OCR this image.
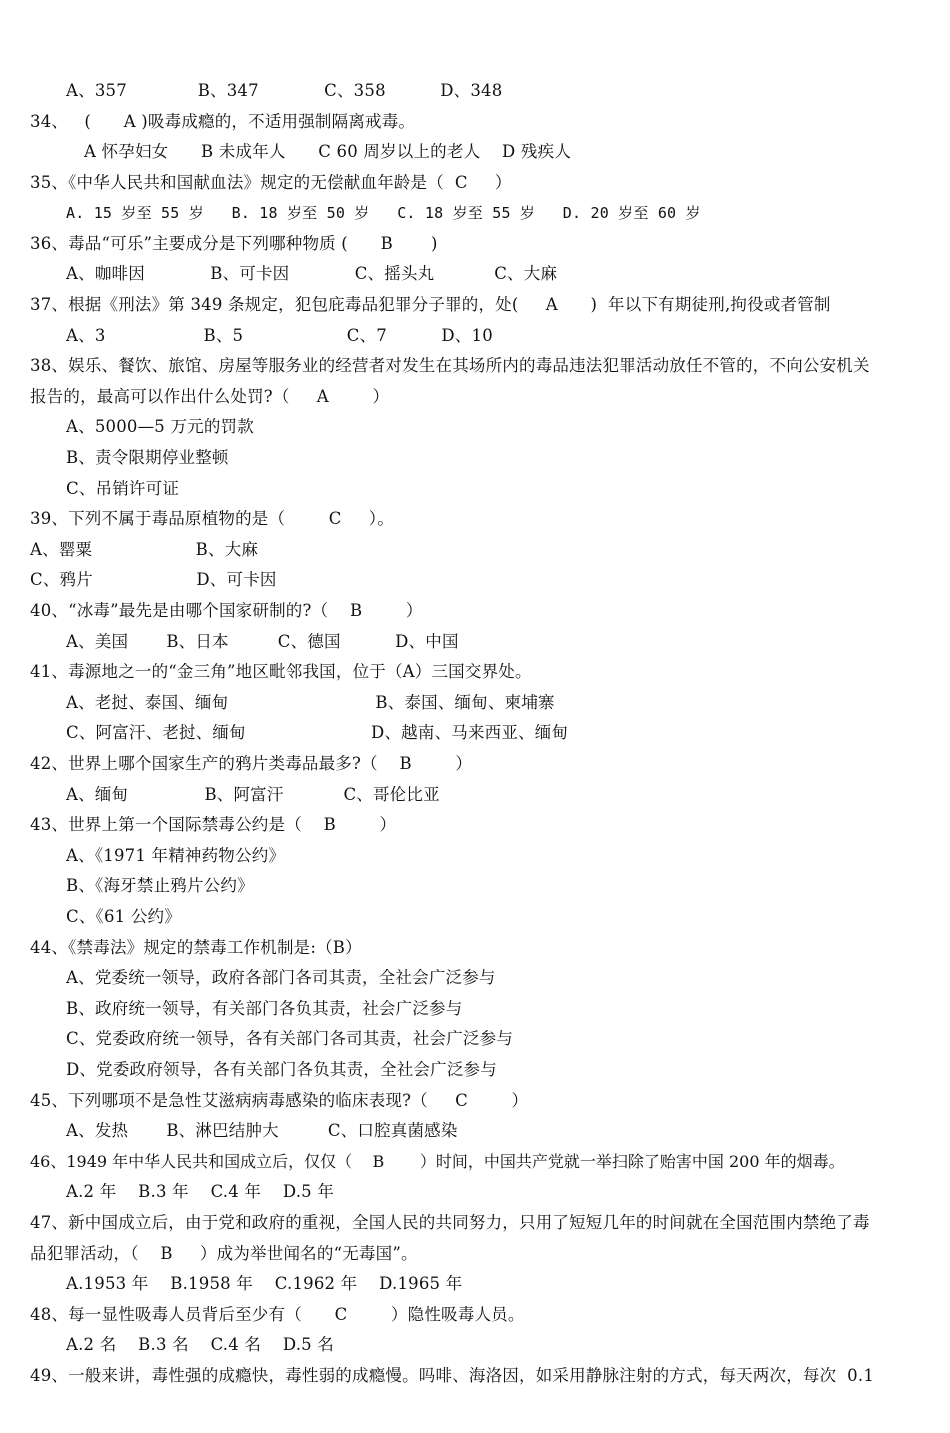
A、357             B、347            C、358          D、348
34、   (      A )吸毒成瘾的，不适用强制隔离戒毒。
A 怀孕妇女      B 未成年人      C 60 周岁以上的老人    D 残疾人
35、《中华人民共和国献血法》规定的无偿献血年龄是（  C     ）
A. 15 岁至 55 岁   B. 18 岁至 50 岁   C. 18 岁至 55 岁   D. 20 岁至 60 岁
36、毒品“可乐”主要成分是下列哪种物质 (      B       )
A、咖啡因            B、可卡因            C、摇头丸           C、大麻
37、根据《刑法》第 349 条规定，犯包庇毒品犯罪分子罪的，处(     A      )  年以下有期徒刑,拘役或者管制
A、3                  B、5                   C、7          D、10
38、娱乐、餐饮、旅馆、房屋等服务业的经营者对发生在其场所内的毒品违法犯罪活动放任不管的，不向公安机关
报告的，最高可以作出什么处罚?（     A        ）
A、5000—5 万元的罚款
B、责令限期停业整顿
C、吊销许可证
39、下列不属于毒品原植物的是（        C     ）。
A、罂粟                   B、大麻
C、鸦片                   D、可卡因
40、“冰毒”最先是由哪个国家研制的?（    B        ）
A、美国       B、日本         C、德国          D、中国
41、毒源地之一的“金三角”地区毗邻我国，位于（A）三国交界处。
A、老挝、泰国、缅甸                           B、泰国、缅甸、柬埔寨
C、阿富汗、老挝、缅甸                       D、越南、马来西亚、缅甸
42、世界上哪个国家生产的鸦片类毒品最多?（    B        ）
A、缅甸              B、阿富汗           C、哥伦比亚
43、世界上第一个国际禁毒公约是（    B        ）
A、《1971 年精神药物公约》
B、《海牙禁止鸦片公约》
C、《61 公约》
44、《禁毒法》规定的禁毒工作机制是:（B）
A、党委统一领导，政府各部门各司其责，全社会广泛参与
B、政府统一领导，有关部门各负其责，社会广泛参与
C、党委政府统一领导，各有关部门各司其责，社会广泛参与
D、党委政府领导，各有关部门各负其责，全社会广泛参与
45、下列哪项不是急性艾滋病病毒感染的临床表现?（     C        ）
A、发热       B、淋巴结肿大         C、口腔真菌感染
46、1949 年中华人民共和国成立后，仅仅（    B       ）时间，中国共产党就一举扫除了贻害中国 200 年的烟毒。
A.2 年    B.3 年    C.4 年    D.5 年
47、新中国成立后，由于党和政府的重视，全国人民的共同努力，只用了短短几年的时间就在全国范围内禁绝了毒
品犯罪活动，（    B     ）成为举世闻名的“无毒国”。
A.1953 年    B.1958 年    C.1962 年    D.1965 年
48、每一显性吸毒人员背后至少有（      C        ）隐性吸毒人员。
A.2 名    B.3 名    C.4 名    D.5 名
49、一般来讲，毒性强的成瘾快，毒性弱的成瘾慢。吗啡、海洛因，如采用静脉注射的方式，每天两次，每次  0.1
